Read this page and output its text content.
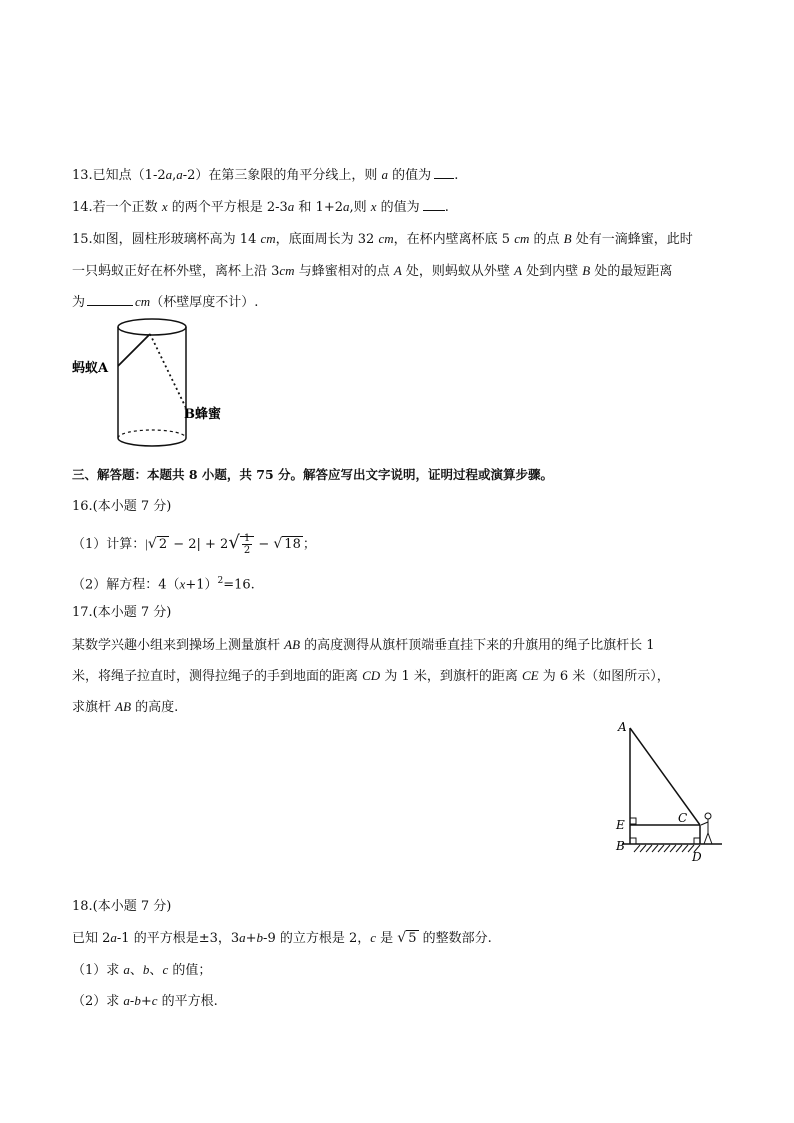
13.已知点（1-2a,a-2）在第三象限的角平分线上，则 a 的值为 .
14.若一个正数 x 的两个平方根是 2-3a 和 1+2a,则 x 的值为 .
15.如图，圆柱形玻璃杯高为 14 cm，底面周长为 32 cm，在杯内壁离杯底 5 cm 的点 B 处有一滴蜂蜜，此时
一只蚂蚁正好在杯外壁，离杯上沿 3cm 与蜂蜜相对的点 A 处，则蚂蚁从外壁 A 处到内壁 B 处的最短距离
为	cm（杯壁厚度不计）.
蚂蚁A
B蜂蜜
三、解答题：本题共 8 小题，共 75 分。解答应写出文字说明，证明过程或演算步骤。
16.(本小题 7 分)
（1）计算：|√ $2 - 2| + 2√ \frac{1}{2}$ − √ 18 ；
（2）解方程：$4(x+1)^2=16$.
17.(本小题 7 分)
某数学兴趣小组来到操场上测量旗杆 AB 的高度测得从旗杆顶端垂直挂下来的升旗用的绳子比旗杆长 1
米，将绳子拉直时，测得拉绳子的手到地面的距离 CD 为 1 米，到旗杆的距离 CE 为 6 米（如图所示），
求旗杆 AB 的高度.
A
E
B
C
D
18.(本小题 7 分)
已知 2a-1 的平方根是±3，3a+b-9 的立方根是 2，c 是 √ 5 的整数部分.
（1）求 a、b、c 的值；
（2）求 a-b+c 的平方根.
